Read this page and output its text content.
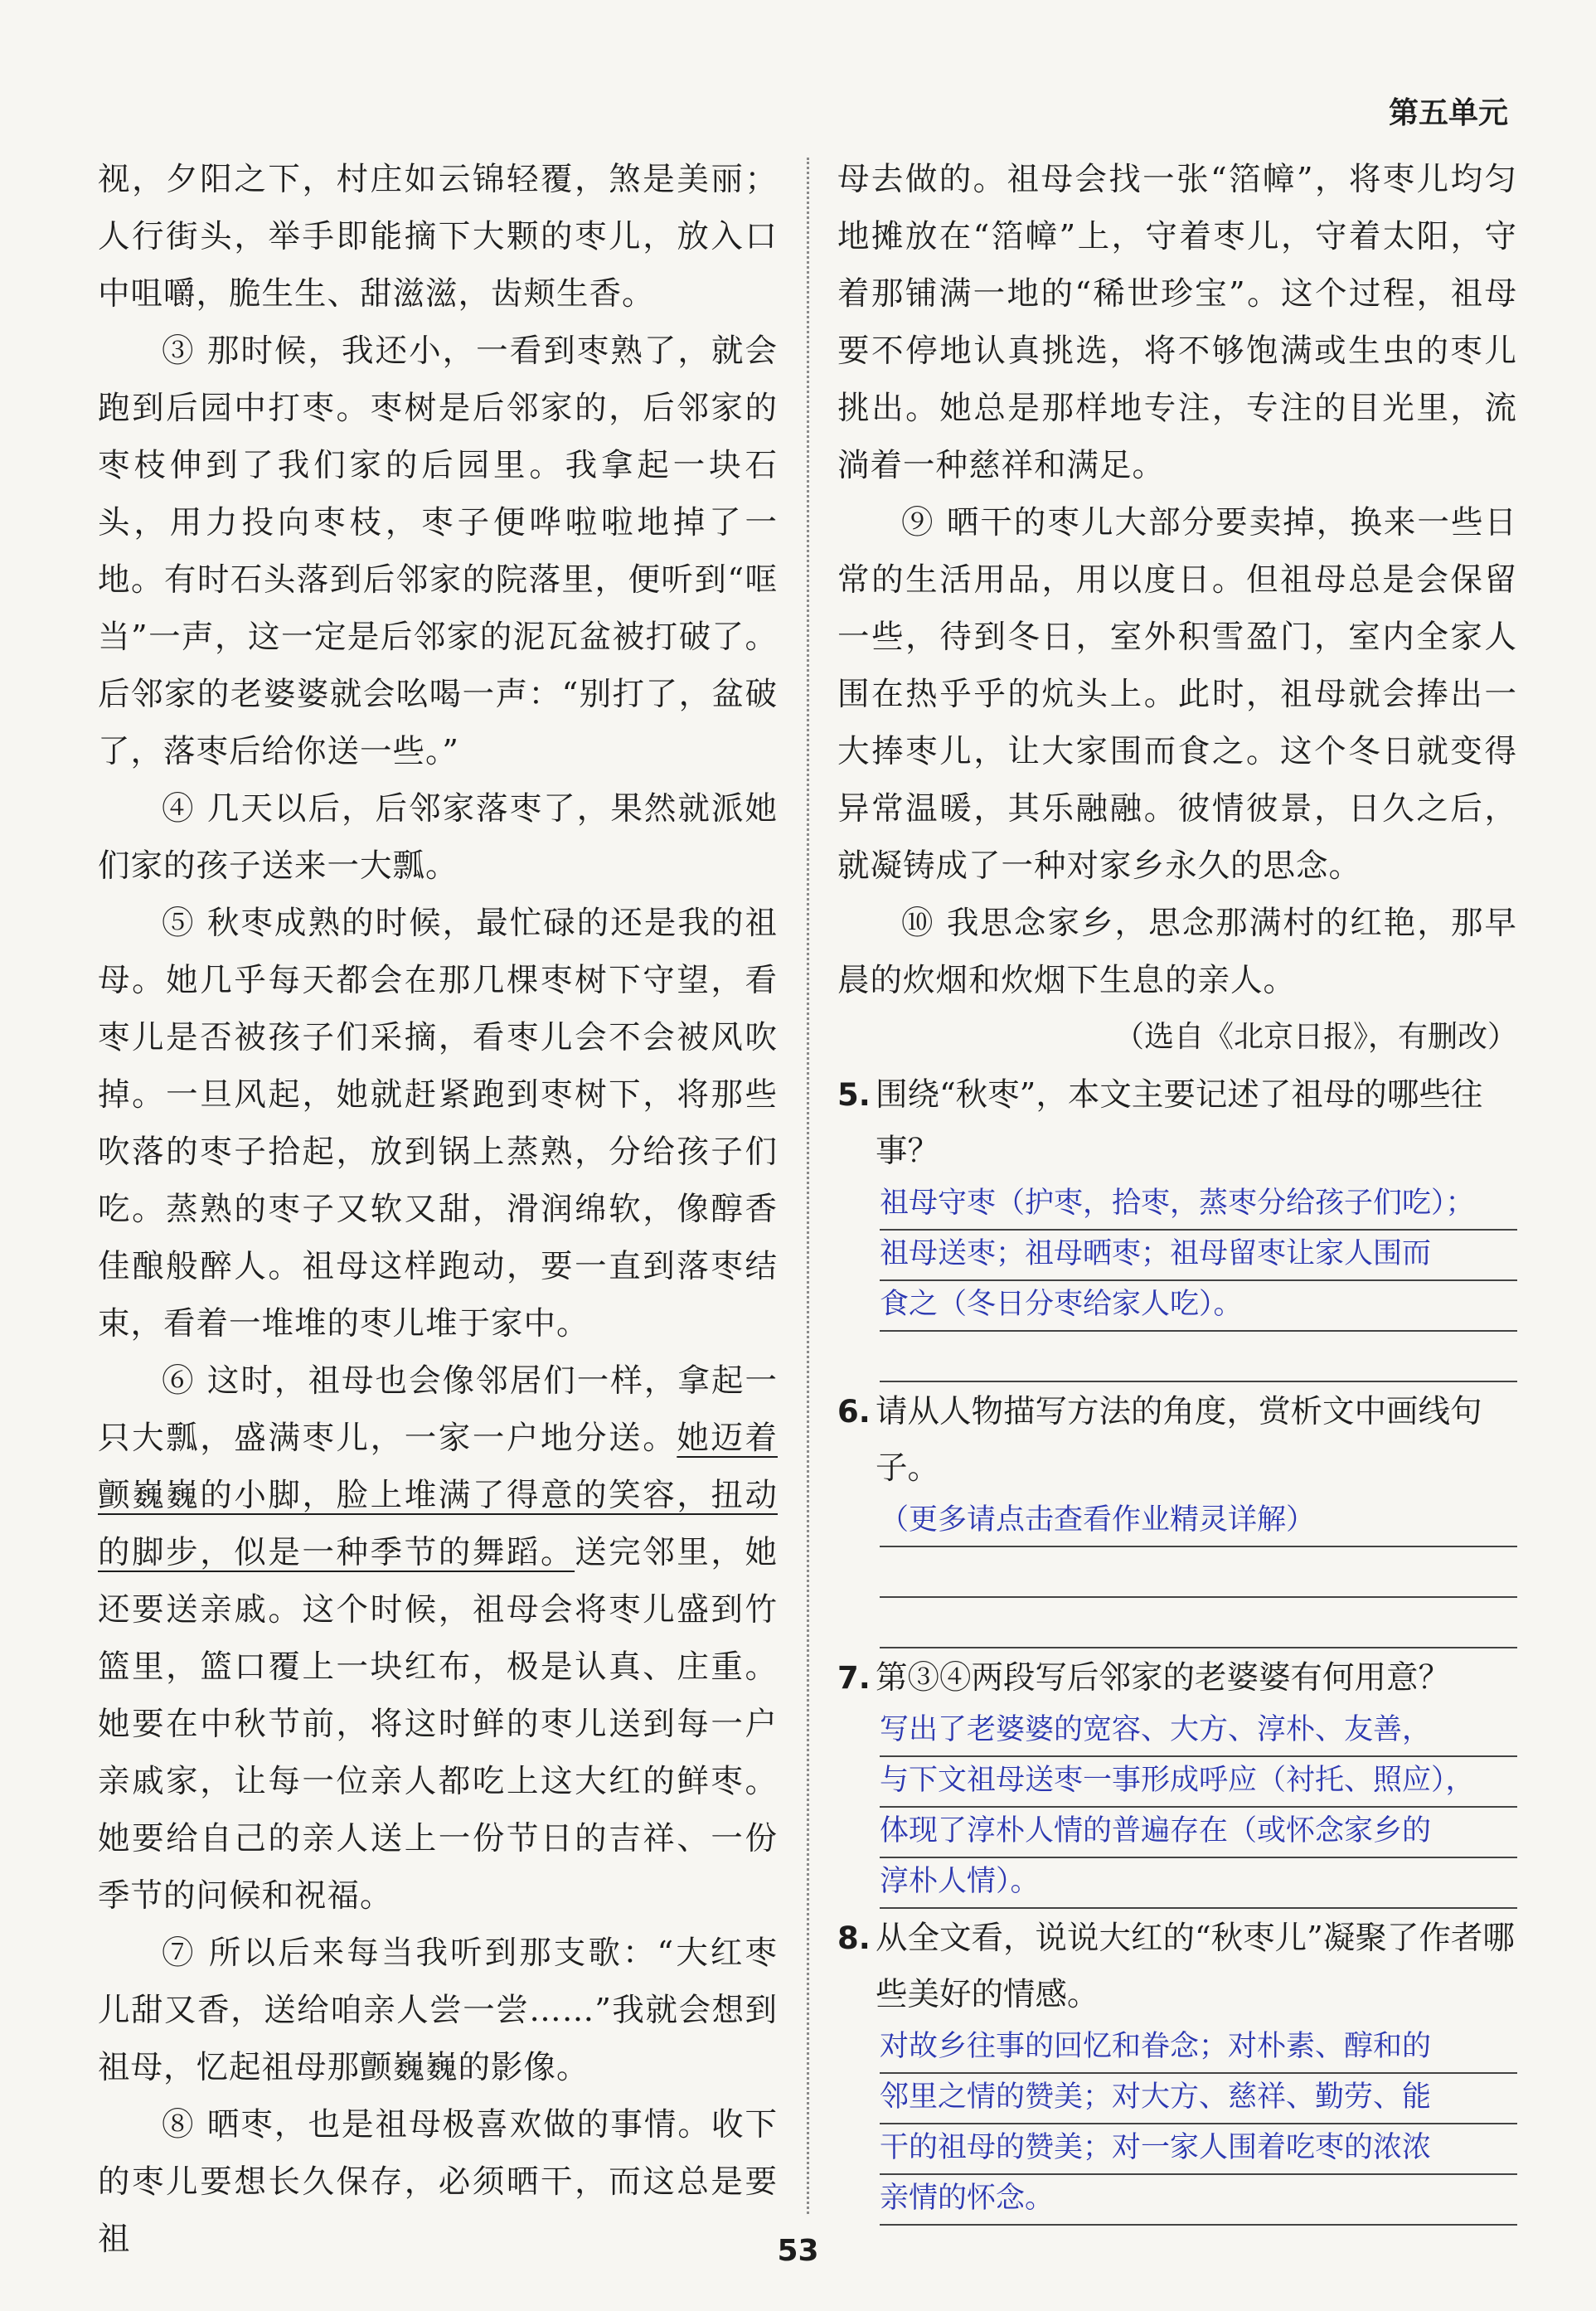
第五单元

视，夕阳之下，村庄如云锦轻覆，煞是美丽；人行街头，举手即能摘下大颗的枣儿，放入口中咀嚼，脆生生、甜滋滋，齿颊生香。

③ 那时候，我还小，一看到枣熟了，就会跑到后园中打枣。枣树是后邻家的，后邻家的枣枝伸到了我们家的后园里。我拿起一块石头，用力投向枣枝，枣子便哗啦啦地掉了一地。有时石头落到后邻家的院落里，便听到“哐当”一声，这一定是后邻家的泥瓦盆被打破了。后邻家的老婆婆就会吆喝一声：“别打了，盆破了，落枣后给你送一些。”

④ 几天以后，后邻家落枣了，果然就派她们家的孩子送来一大瓢。

⑤ 秋枣成熟的时候，最忙碌的还是我的祖母。她几乎每天都会在那几棵枣树下守望，看枣儿是否被孩子们采摘，看枣儿会不会被风吹掉。一旦风起，她就赶紧跑到枣树下，将那些吹落的枣子拾起，放到锅上蒸熟，分给孩子们吃。蒸熟的枣子又软又甜，滑润绵软，像醇香佳酿般醉人。祖母这样跑动，要一直到落枣结束，看着一堆堆的枣儿堆于家中。

⑥ 这时，祖母也会像邻居们一样，拿起一只大瓢，盛满枣儿，一家一户地分送。她迈着颤巍巍的小脚，脸上堆满了得意的笑容，扭动的脚步，似是一种季节的舞蹈。送完邻里，她还要送亲戚。这个时候，祖母会将枣儿盛到竹篮里，篮口覆上一块红布，极是认真、庄重。她要在中秋节前，将这时鲜的枣儿送到每一户亲戚家，让每一位亲人都吃上这大红的鲜枣。她要给自己的亲人送上一份节日的吉祥、一份季节的问候和祝福。

⑦ 所以后来每当我听到那支歌：“大红枣儿甜又香，送给咱亲人尝一尝……”我就会想到祖母，忆起祖母那颤巍巍的影像。

⑧ 晒枣，也是祖母极喜欢做的事情。收下的枣儿要想长久保存，必须晒干，而这总是要祖

母去做的。祖母会找一张“箔幛”，将枣儿均匀地摊放在“箔幛”上，守着枣儿，守着太阳，守着那铺满一地的“稀世珍宝”。这个过程，祖母要不停地认真挑选，将不够饱满或生虫的枣儿挑出。她总是那样地专注，专注的目光里，流淌着一种慈祥和满足。

⑨ 晒干的枣儿大部分要卖掉，换来一些日常的生活用品，用以度日。但祖母总是会保留一些，待到冬日，室外积雪盈门，室内全家人围在热乎乎的炕头上。此时，祖母就会捧出一大捧枣儿，让大家围而食之。这个冬日就变得异常温暖，其乐融融。彼情彼景，日久之后，就凝铸成了一种对家乡永久的思念。

⑩ 我思念家乡，思念那满村的红艳，那早晨的炊烟和炊烟下生息的亲人。

（选自《北京日报》，有删改）

5. 围绕“秋枣”，本文主要记述了祖母的哪些往事？
祖母守枣（护枣，拾枣，蒸枣分给孩子们吃）；
祖母送枣；祖母晒枣；祖母留枣让家人围而
食之（冬日分枣给家人吃）。
6. 请从人物描写方法的角度，赏析文中画线句子。
（更多请点击查看作业精灵详解）
7. 第③④两段写后邻家的老婆婆有何用意？
写出了老婆婆的宽容、大方、淳朴、友善，
与下文祖母送枣一事形成呼应（衬托、照应），
体现了淳朴人情的普遍存在（或怀念家乡的
淳朴人情）。
8. 从全文看，说说大红的“秋枣儿”凝聚了作者哪些美好的情感。
对故乡往事的回忆和眷念；对朴素、醇和的
邻里之情的赞美；对大方、慈祥、勤劳、能
干的祖母的赞美；对一家人围着吃枣的浓浓
亲情的怀念。
53
